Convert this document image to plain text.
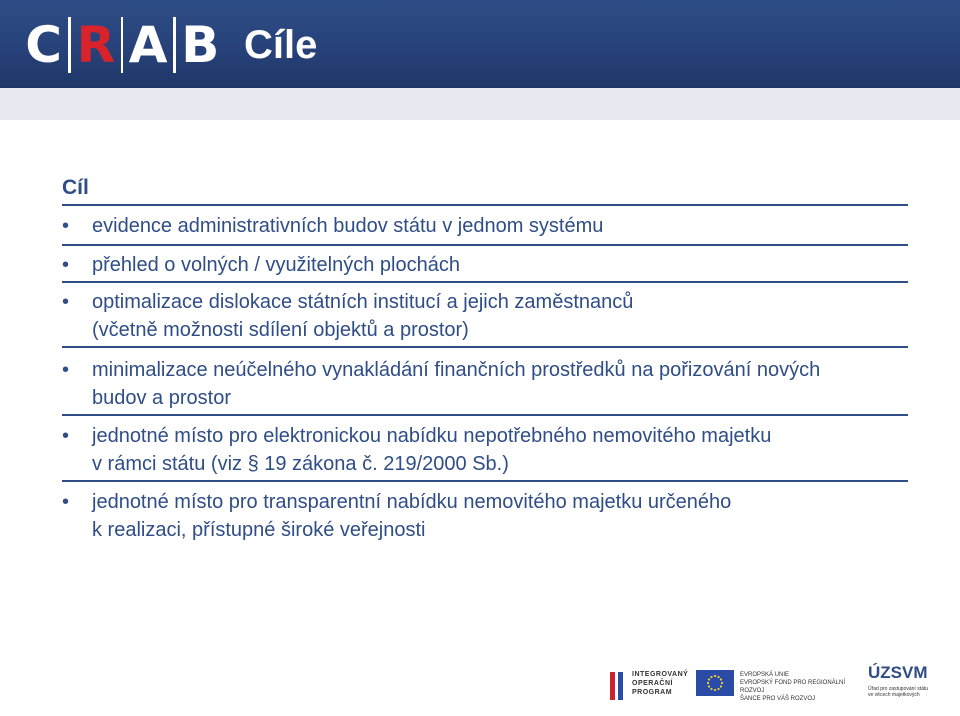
C R A B Cíle
Cíl
•	evidence administrativních budov státu v jednom systému
•	přehled o volných / využitelných plochách
•	optimalizace dislokace státních institucí a jejich zaměstnanců
(včetně možnosti sdílení objektů a prostor)
•	minimalizace neúčelného vynakládání finančních prostředků na pořizování nových
budov a prostor
•	jednotné místo pro elektronickou nabídku nepotřebného nemovitého majetku
v rámci státu (viz § 19 zákona č. 219/2000 Sb.)
•	jednotné místo pro transparentní nabídku nemovitého majetku určeného
k realizaci, přístupné široké veřejnosti
INTEGROVANÝ
OPERAČNÍ
PROGRAM
EVROPSKÁ UNIE
EVROPSKÝ FOND PRO REGIONÁLNÍ ROZVOJ
ŠANCE PRO VÁŠ ROZVOJ
ÚZSVM
Úřad pro zastupování státu
ve věcech majetkových
